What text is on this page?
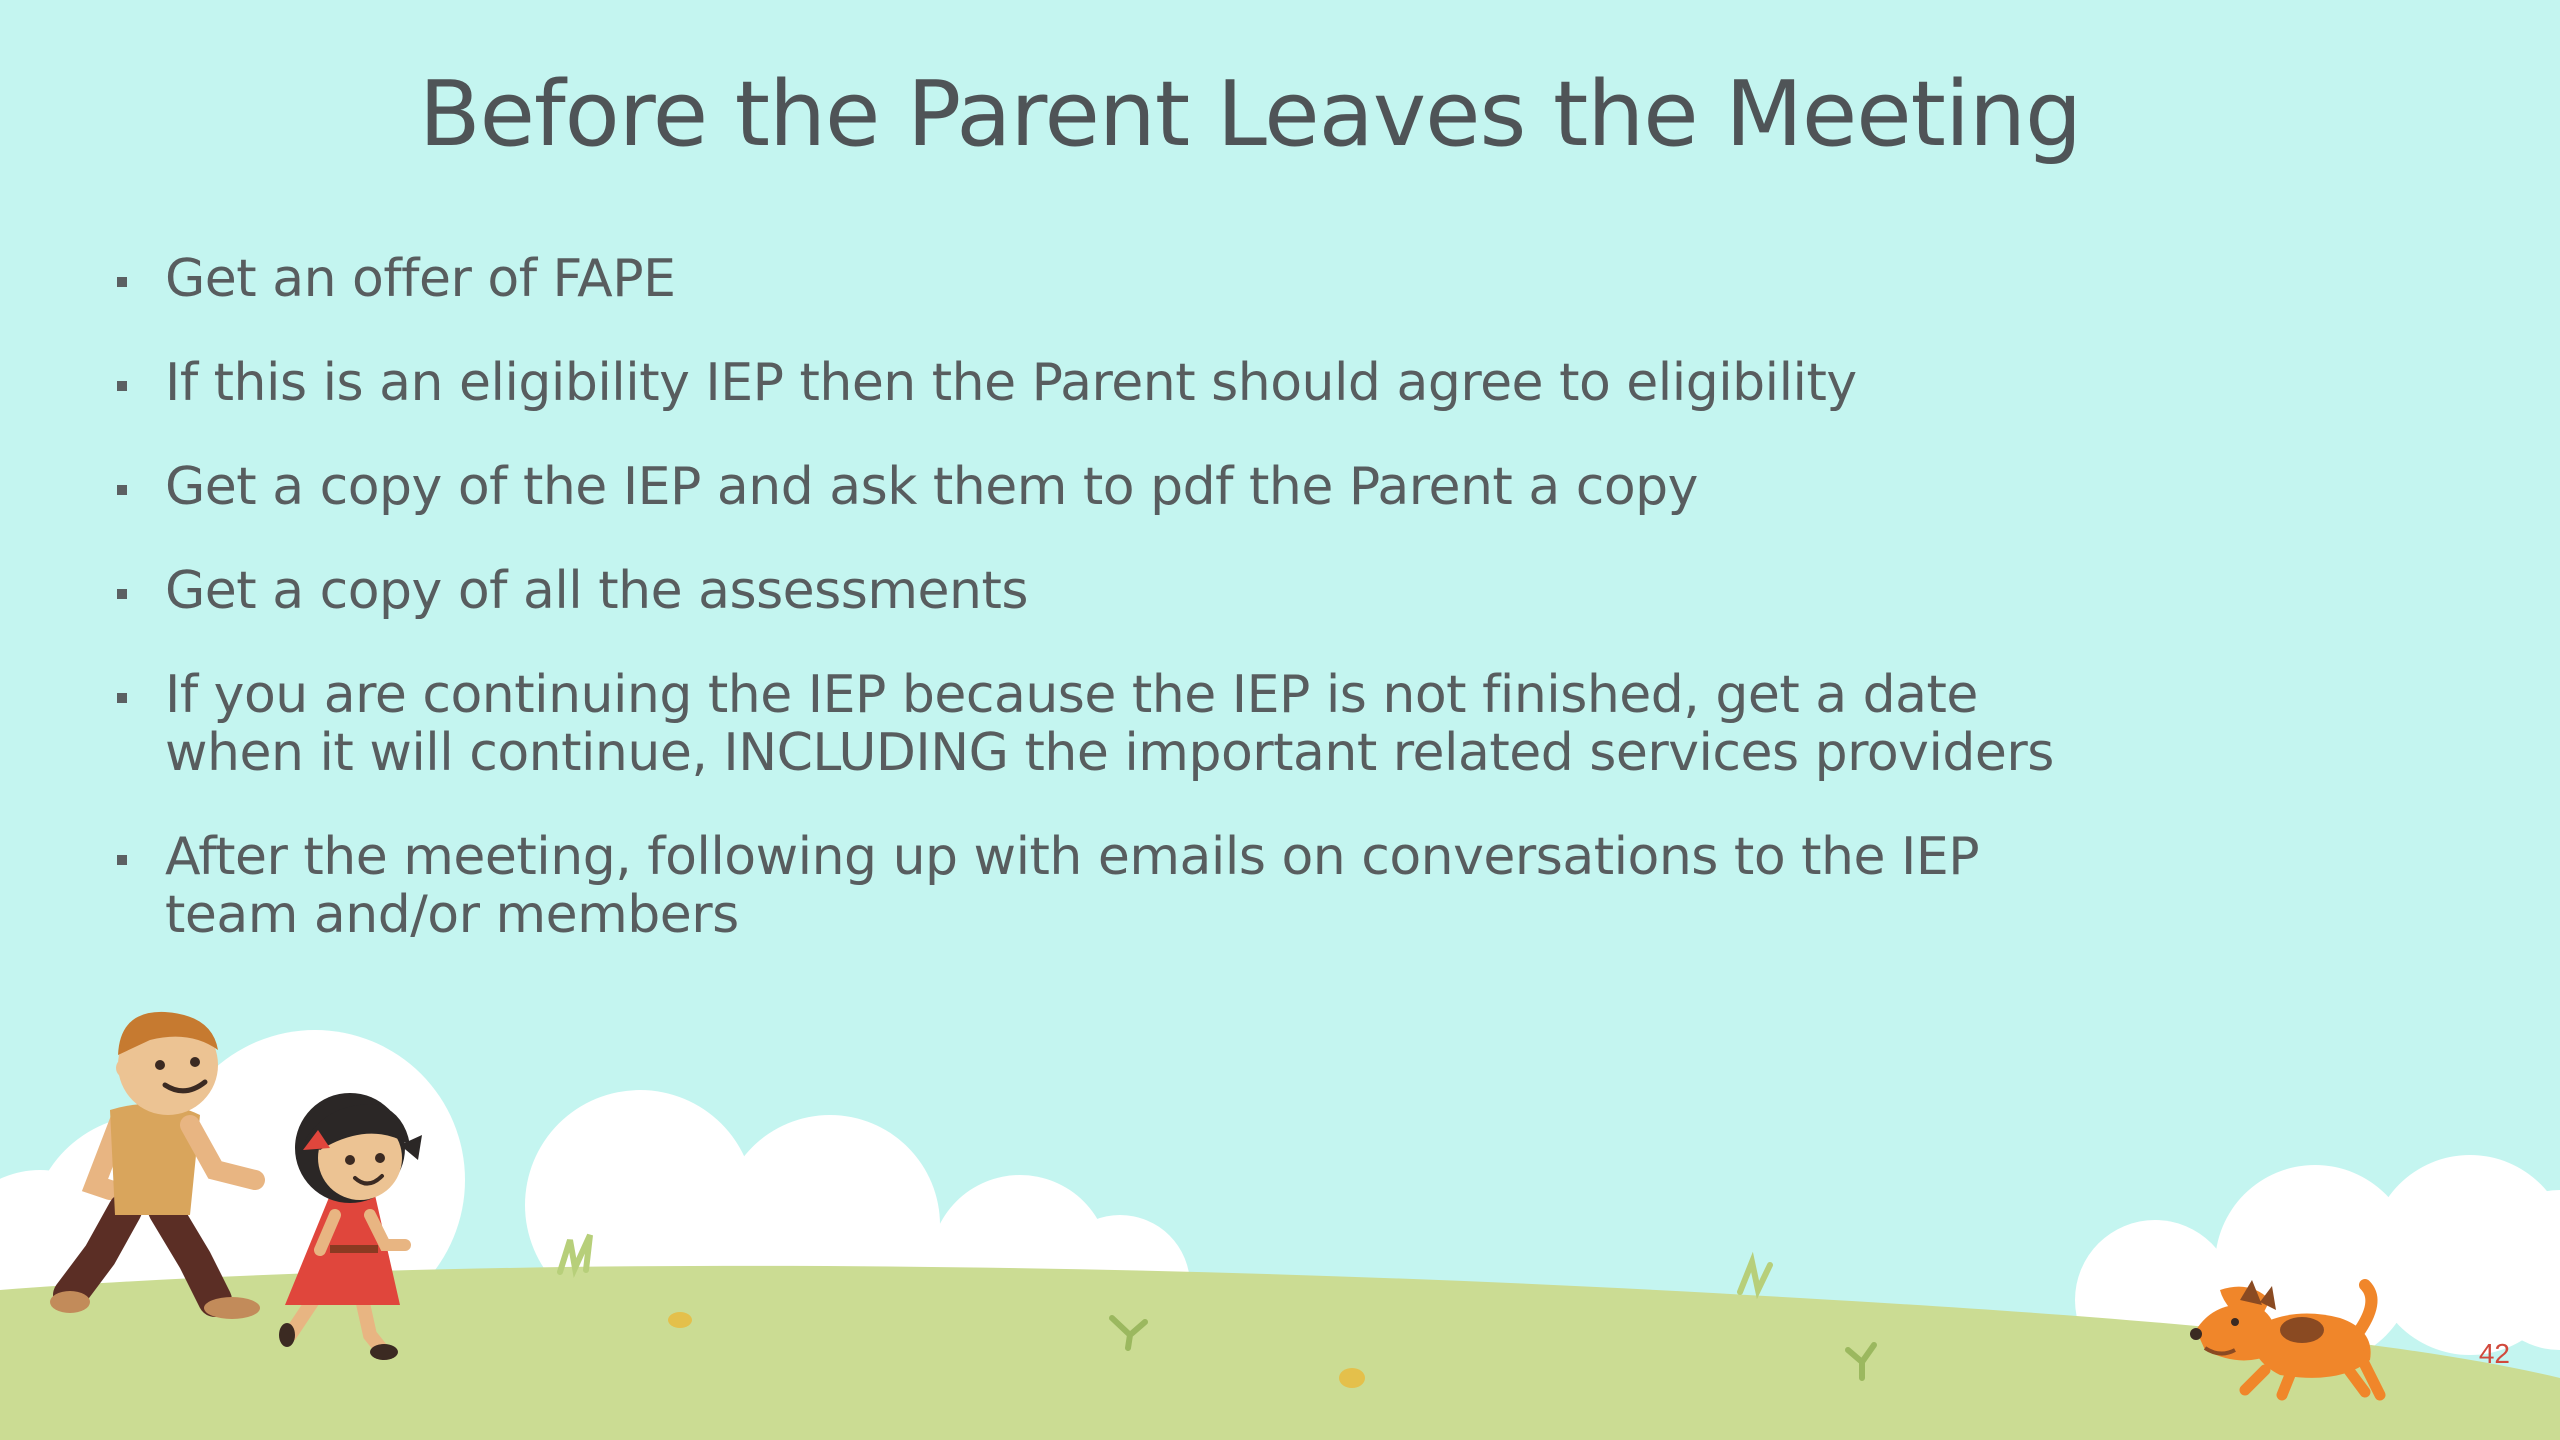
Before the Parent Leaves the Meeting
Get an offer of FAPE
If this is an eligibility IEP then the Parent should agree to eligibility
Get a copy of the IEP and ask them to pdf the Parent a copy
Get a copy of all the assessments
If you are continuing the IEP because the IEP is not finished, get a date when it will continue, INCLUDING the important related services providers
After the meeting, following up with emails on conversations to the IEP team and/or members
42
